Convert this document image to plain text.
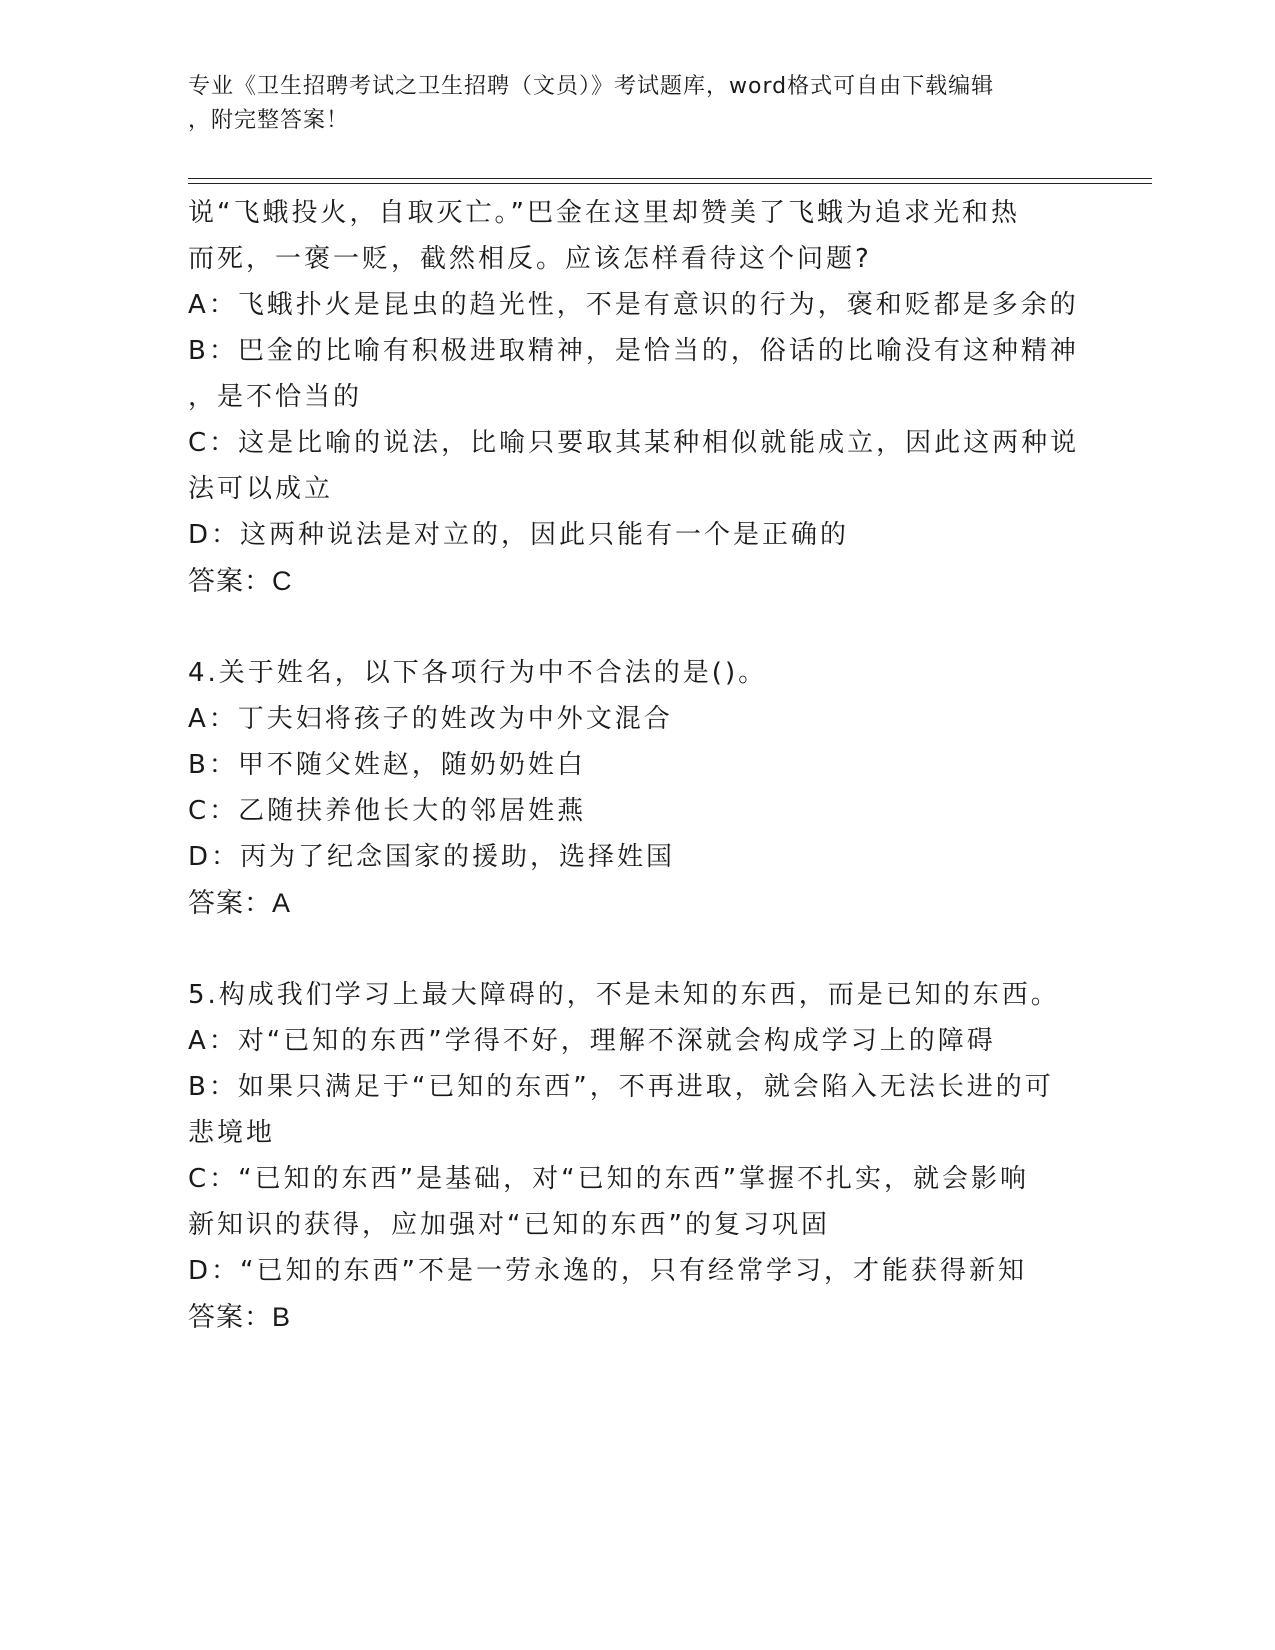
专业《卫生招聘考试之卫生招聘（文员）》考试题库，word格式可自由下载编辑
，附完整答案！

说“飞蛾投火，自取灭亡。”巴金在这里却赞美了飞蛾为追求光和热

而死，一褒一贬，截然相反。应该怎样看待这个问题?

A：飞蛾扑火是昆虫的趋光性，不是有意识的行为，褒和贬都是多余的

B：巴金的比喻有积极进取精神，是恰当的，俗话的比喻没有这种精神

，是不恰当的

C：这是比喻的说法，比喻只要取其某种相似就能成立，因此这两种说

法可以成立

D：这两种说法是对立的，因此只能有一个是正确的

答案：C

4.关于姓名，以下各项行为中不合法的是()。

A：丁夫妇将孩子的姓改为中外文混合

B：甲不随父姓赵，随奶奶姓白

C：乙随扶养他长大的邻居姓燕

D：丙为了纪念国家的援助，选择姓国

答案：A

5.构成我们学习上最大障碍的，不是未知的东西，而是已知的东西。

A：对“已知的东西”学得不好，理解不深就会构成学习上的障碍

B：如果只满足于“已知的东西”，不再进取，就会陷入无法长进的可

悲境地

C：“已知的东西”是基础，对“已知的东西”掌握不扎实，就会影响

新知识的获得，应加强对“已知的东西”的复习巩固

D：“已知的东西”不是一劳永逸的，只有经常学习，才能获得新知

答案：B
